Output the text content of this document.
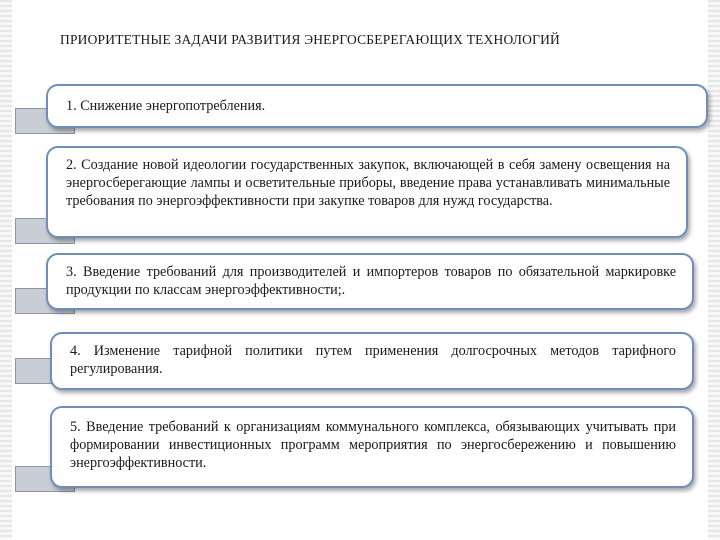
ПРИОРИТЕТНЫЕ ЗАДАЧИ РАЗВИТИЯ ЭНЕРГОСБЕРЕГАЮЩИХ ТЕХНОЛОГИЙ
1. Снижение энергопотребления.
2. Создание новой идеологии государственных закупок, включающей в себя замену освещения на энергосберегающие лампы и осветительные приборы, введение права устанавливать минимальные требования по энергоэффективности при закупке товаров для нужд государства.
3. Введение требований для производителей и импортеров товаров по обязательной маркировке продукции по классам энергоэффективности;.
4. Изменение тарифной политики путем применения долгосрочных методов тарифного регулирования.
5. Введение требований к организациям коммунального комплекса, обязывающих учитывать при формировании инвестиционных программ мероприятия по энергосбережению и повышению энергоэффективности.
